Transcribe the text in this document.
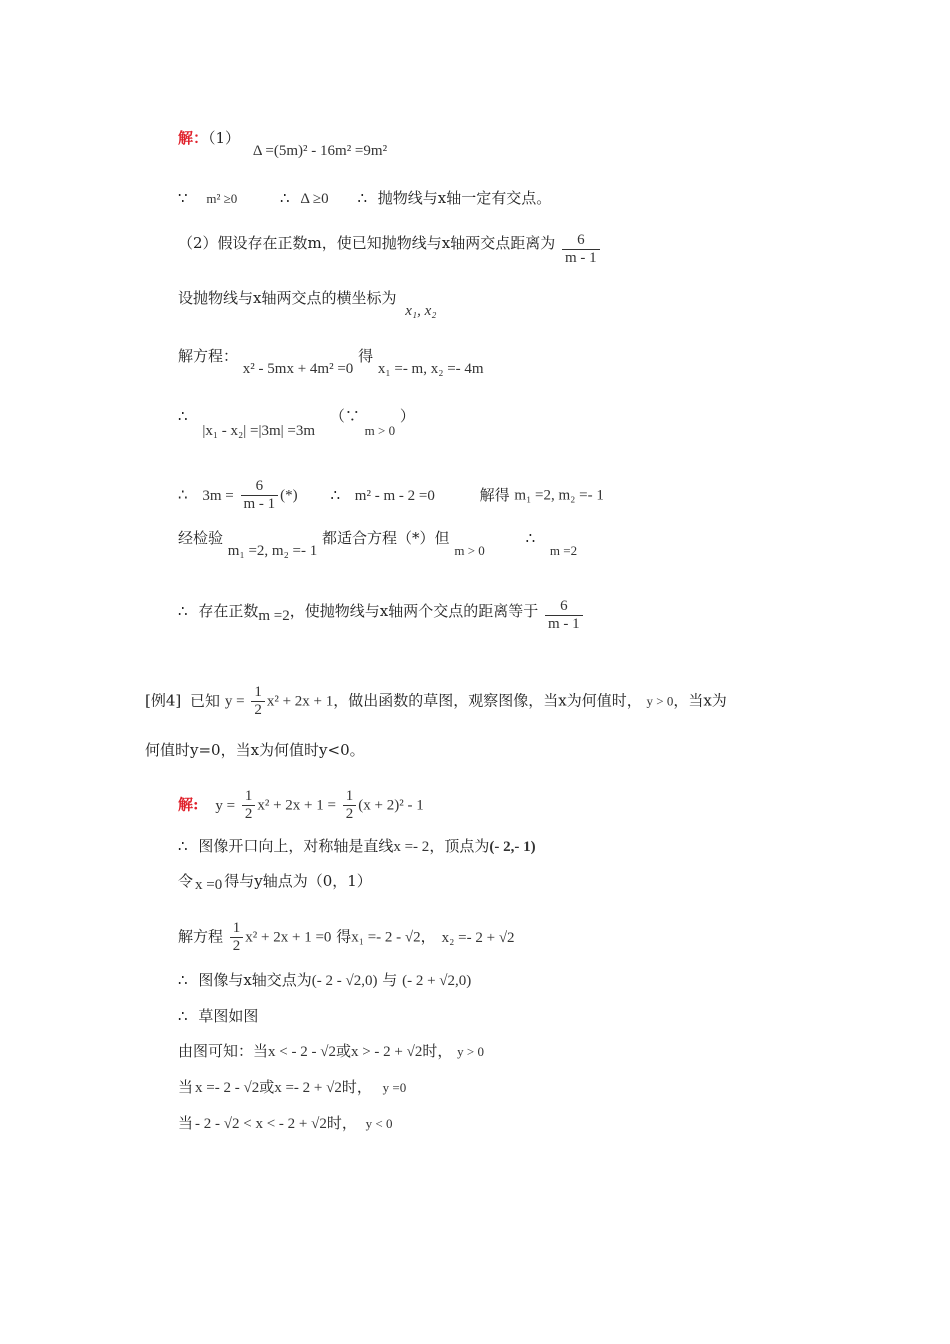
解：（1） Δ =(5m)² - 16m² =9m²
∵ m² ≥0	∴ Δ ≥0 ∴ 抛物线与x轴一定有交点。
（2）假设存在正数m，使已知抛物线与x轴两交点距离为 $\frac{6}{m - 1}$
设抛物线与x轴两交点的横坐标为 x₁, x₂
解方程： x² - 5mx + 4m² =0 得 x₁ =- m, x₂ =- 4m
∴ |x₁ - x₂| =|3m| =3m （∵ m > 0 ）
∴ $3m = \frac{6}{m - 1}$ (*) ∴ m² - m - 2 =0	解得 m₁ =2, m₂ =- 1
经检验 m₁ =2, m₂ =- 1 都适合方程（*）但 m > 0 ∴ m =2
∴ 存在正数m =2，使抛物线与x轴两个交点的距离等于 $\frac{6}{m - 1}$
[例4] 已知 $y = \frac{1}{2} x^2 + 2x + 1$，做出函数的草图，观察图像，当x为何值时， y > 0，当x为
何值时y=0，当x为何值时y<0。
解: $y = \frac{1}{2} x^2 + 2x + 1 = \frac{1}{2} (x + 2)^2 - 1$
∴ 图像开口向上，对称轴是直线x =- 2，顶点为(- 2,- 1)
令 x =0 得与y轴点为（0，1）
解方程 $\frac{1}{2} x^2 + 2x + 1 =0$ 得x₁ =- 2 - √2， x₂ =- 2 + √2
∴ 图像与x轴交点为(- 2 - √2,0) 与 (- 2 + √2,0)
∴ 草图如图
由图可知：当x < - 2 - √2或x > - 2 + √2时， y > 0
当 x =- 2 - √2或x =- 2 + √2时， y =0
当 - 2 - √2 < x < - 2 + √2时， y < 0
